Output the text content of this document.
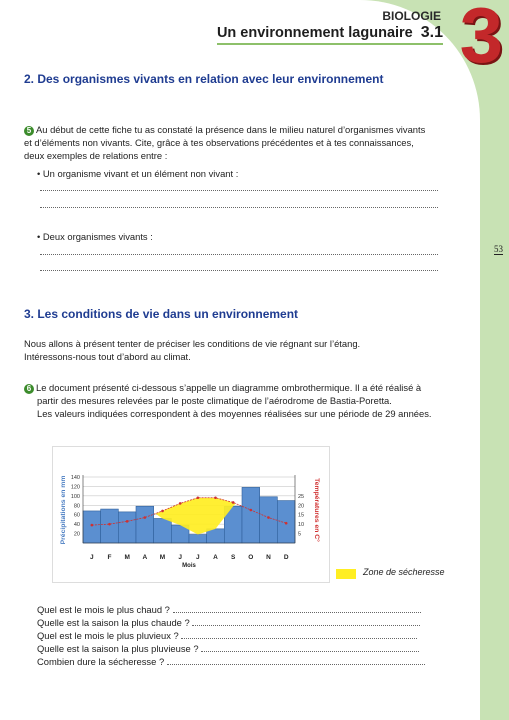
BIOLOGIE
Un environnement lagunaire 3.1 3
53
2. Des organismes vivants en relation avec leur environnement
5 Au début de cette fiche tu as constaté la présence dans le milieu naturel d’organismes vivants
et d’éléments non vivants. Cite, grâce à tes observations précédentes et à tes connaissances,
deux exemples de relations entre :
• Un organisme vivant et un élément non vivant :
• Deux organismes vivants :
3. Les conditions de vie dans un environnement
Nous allons à présent tenter de préciser les conditions de vie régnant sur l’étang.
Intéressons-nous tout d’abord au climat.
6 Le document présenté ci-dessous s’appelle un diagramme ombrothermique. Il a été réalisé à
partir des mesures relevées par le poste climatique de l’aérodrome de Bastia-Poretta.
Les valeurs indiquées correspondent à des moyennes réalisées sur une période de 29 années.
20
40
60
80
100
120
140
5
10
15
20
25
J F M A M J J A S O N D
Mois
Précipitations en mm	Températures en C°
Zone de sécheresse
Quel est le mois le plus chaud ?
Quelle est la saison la plus chaude ?
Quel est le mois le plus pluvieux ?
Quelle est la saison la plus pluvieuse ?
Combien dure la sécheresse ?
